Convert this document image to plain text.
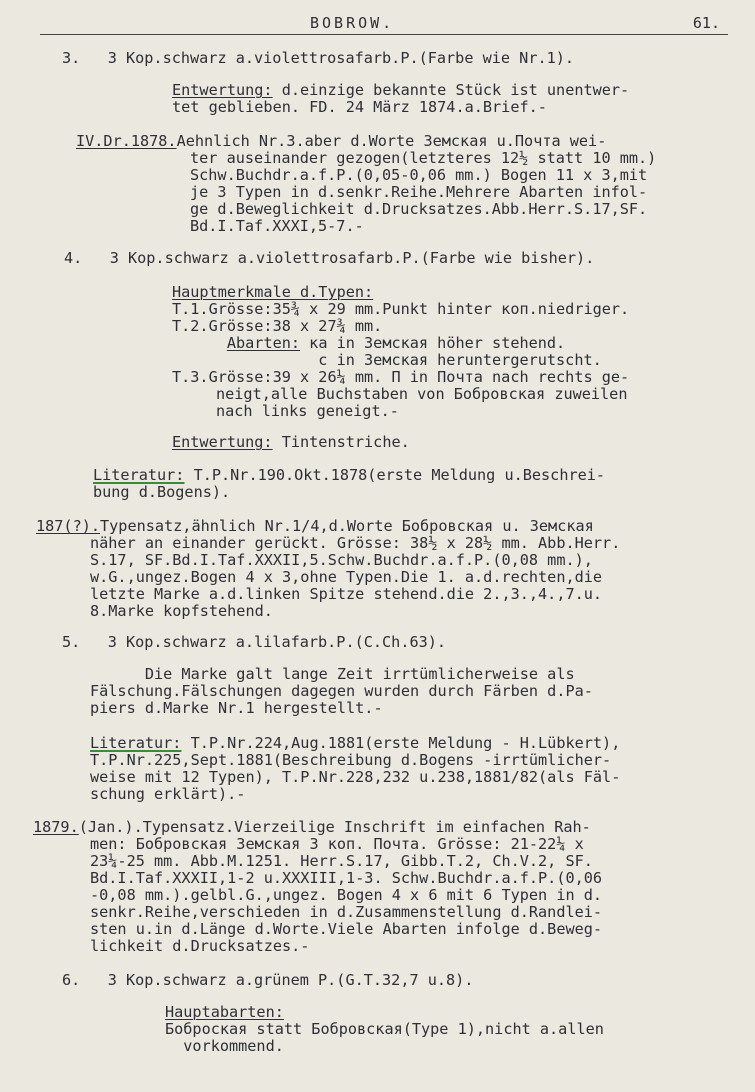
BOBROW.	61.
3.   3 Kop.schwarz a.violettrosafarb.P.(Farbe wie Nr.1).
Entwertung: d.einzige bekannte Stück ist unentwer-
tet geblieben. FD. 24 März 1874.a.Brief.-
IV.Dr.1878.Aehnlich Nr.3.aber d.Worte Земская u.Почта wei-
ter auseinander gezogen(letzteres 12½ statt 10 mm.)
Schw.Buchdr.a.f.P.(0,05-0,06 mm.) Bogen 11 x 3,mit
je 3 Typen in d.senkr.Reihe.Mehrere Abarten infol-
ge d.Beweglichkeit d.Drucksatzes.Abb.Herr.S.17,SF.
Bd.I.Taf.XXXI,5-7.-
4.   3 Kop.schwarz a.violettrosafarb.P.(Farbe wie bisher).
Hauptmerkmale d.Typen:
T.1.Grösse:35¾ x 29 mm.Punkt hinter коп.niedriger.
T.2.Grösse:38 x 27¾ mm.
Abarten: ка in Земская höher stehend.
с in Земская heruntergerutscht.
T.3.Grösse:39 x 26¼ mm. П in Почта nach rechts ge-
neigt,alle Buchstaben von Бобровская zuweilen
nach links geneigt.-
Entwertung: Tintenstriche.
Literatur: T.P.Nr.190.Okt.1878(erste Meldung u.Beschrei-
bung d.Bogens).
187(?).Typensatz,ähnlich Nr.1/4,d.Worte Бобровская u. Земская
näher an einander gerückt. Grösse: 38½ x 28½ mm. Abb.Herr.
S.17, SF.Bd.I.Taf.XXXII,5.Schw.Buchdr.a.f.P.(0,08 mm.),
w.G.,ungez.Bogen 4 x 3,ohne Typen.Die 1. a.d.rechten,die
letzte Marke a.d.linken Spitze stehend.die 2.,3.,4.,7.u.
8.Marke kopfstehend.
5.   3 Kop.schwarz a.lilafarb.P.(C.Ch.63).
Die Marke galt lange Zeit irrtümlicherweise als
Fälschung.Fälschungen dagegen wurden durch Färben d.Pa-
piers d.Marke Nr.1 hergestellt.-
Literatur: T.P.Nr.224,Aug.1881(erste Meldung - H.Lübkert),
T.P.Nr.225,Sept.1881(Beschreibung d.Bogens -irrtümlicher-
weise mit 12 Typen), T.P.Nr.228,232 u.238,1881/82(als Fäl-
schung erklärt).-
1879.(Jan.).Typensatz.Vierzeilige Inschrift im einfachen Rah-
men: Бобровская Земская 3 коп. Почта. Grösse: 21-22¼ x
23¼-25 mm. Abb.M.1251. Herr.S.17, Gibb.T.2, Ch.V.2, SF.
Bd.I.Taf.XXXII,1-2 u.XXXIII,1-3. Schw.Buchdr.a.f.P.(0,06
-0,08 mm.).gelbl.G.,ungez. Bogen 4 x 6 mit 6 Typen in d.
senkr.Reihe,verschieden in d.Zusammenstellung d.Randlei-
sten u.in d.Länge d.Worte.Viele Abarten infolge d.Beweg-
lichkeit d.Drucksatzes.-
6.   3 Kop.schwarz a.grünem P.(G.T.32,7 u.8).
Hauptabarten:
Боброская statt Бобровская(Type 1),nicht a.allen
vorkommend.
